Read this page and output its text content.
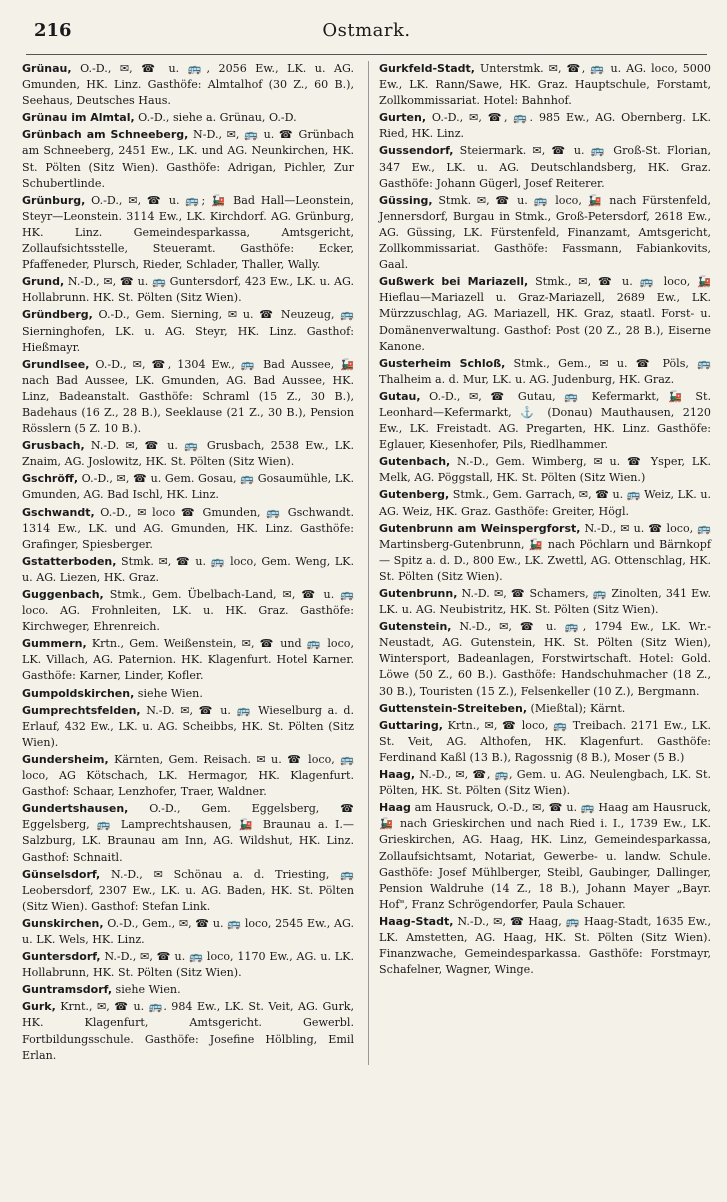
216	Ostmark.

Grünau, O.-D., ✉, ☎ u. 🚌, 2056 Ew., LK. u. AG. Gmunden, HK. Linz. Gasthöfe: Almtalhof (30 Z., 60 B.), Seehaus, Deutsches Haus.

Grünau im Almtal, O.-D., siehe a. Grünau, O.-D.

Grünbach am Schneeberg, N-D., ✉, 🚌 u. ☎ Grünbach am Schneeberg, 2451 Ew., LK. und AG. Neunkirchen, HK. St. Pölten (Sitz Wien). Gasthöfe: Adrigan, Pichler, Zur Schubertlinde.

Grünburg, O.-D., ✉, ☎ u. 🚌; 🚂 Bad Hall—Leonstein, Steyr—Leonstein. 3114 Ew., LK. Kirchdorf. AG. Grünburg, HK. Linz. Gemeindesparkassa, Amtsgericht, Zollaufsichtsstelle, Steueramt. Gasthöfe: Ecker, Pfaffeneder, Plursch, Rieder, Schlader, Thaller, Wally.

Grund, N.-D., ✉, ☎ u. 🚌 Guntersdorf, 423 Ew., LK. u. AG. Hollabrunn. HK. St. Pölten (Sitz Wien).

Gründberg, O.-D., Gem. Sierning, ✉ u. ☎ Neuzeug, 🚌 Sierninghofen, LK. u. AG. Steyr, HK. Linz. Gasthof: Hießmayr.

Grundlsee, O.-D., ✉, ☎, 1304 Ew., 🚌 Bad Aussee, 🚂 nach Bad Aussee, LK. Gmunden, AG. Bad Aussee, HK. Linz, Badeanstalt. Gasthöfe: Schraml (15 Z., 30 B.), Badehaus (16 Z., 28 B.), Seeklause (21 Z., 30 B.), Pension Rösslern (5 Z. 10 B.).

Grusbach, N.-D. ✉, ☎ u. 🚌 Grusbach, 2538 Ew., LK. Znaim, AG. Joslowitz, HK. St. Pölten (Sitz Wien).

Gschröff, O.-D., ✉, ☎ u. Gem. Gosau, 🚌 Gosaumühle, LK. Gmunden, AG. Bad Ischl, HK. Linz.

Gschwandt, O.-D., ✉ loco ☎ Gmunden, 🚌 Gschwandt. 1314 Ew., LK. und AG. Gmunden, HK. Linz. Gasthöfe: Grafinger, Spiesberger.

Gstatterboden, Stmk. ✉, ☎ u. 🚌 loco, Gem. Weng, LK. u. AG. Liezen, HK. Graz.

Guggenbach, Stmk., Gem. Übelbach-Land, ✉, ☎ u. 🚌 loco. AG. Frohnleiten, LK. u. HK. Graz. Gasthöfe: Kirchweger, Ehrenreich.

Gummern, Krtn., Gem. Weißenstein, ✉, ☎ und 🚌 loco, LK. Villach, AG. Paternion. HK. Klagenfurt. Hotel Karner. Gasthöfe: Karner, Linder, Kofler.

Gumpoldskirchen, siehe Wien.

Gumprechtsfelden, N.-D. ✉, ☎ u. 🚌 Wieselburg a. d. Erlauf, 432 Ew., LK. u. AG. Scheibbs, HK. St. Pölten (Sitz Wien).

Gundersheim, Kärnten, Gem. Reisach. ✉ u. ☎ loco, 🚌 loco, AG Kötschach, LK. Hermagor, HK. Klagenfurt. Gasthof: Schaar, Lenzhofer, Traer, Waldner.

Gundertshausen, O.-D., Gem. Eggelsberg, ☎ Eggelsberg, 🚌 Lamprechtshausen, 🚂 Braunau a. I.—Salzburg, LK. Braunau am Inn, AG. Wildshut, HK. Linz. Gasthof: Schnaitl.

Günselsdorf, N.-D., ✉ Schönau a. d. Triesting, 🚌 Leobersdorf, 2307 Ew., LK. u. AG. Baden, HK. St. Pölten (Sitz Wien). Gasthof: Stefan Link.

Gunskirchen, O.-D., Gem., ✉, ☎ u. 🚌 loco, 2545 Ew., AG. u. LK. Wels, HK. Linz.

Guntersdorf, N.-D., ✉, ☎ u. 🚌 loco, 1170 Ew., AG. u. LK. Hollabrunn, HK. St. Pölten (Sitz Wien).

Guntramsdorf, siehe Wien.

Gurk, Krnt., ✉, ☎ u. 🚌. 984 Ew., LK. St. Veit, AG. Gurk, HK. Klagenfurt, Amtsgericht. Gewerbl. Fortbildungsschule. Gasthöfe: Josefine Hölbling, Emil Erlan.

Gurkfeld-Stadt, Unterstmk. ✉, ☎, 🚌 u. AG. loco, 5000 Ew., LK. Rann/Sawe, HK. Graz. Hauptschule, Forstamt, Zollkommissariat. Hotel: Bahnhof.

Gurten, O.-D., ✉, ☎, 🚌. 985 Ew., AG. Obernberg. LK. Ried, HK. Linz.

Gussendorf, Steiermark. ✉, ☎ u. 🚌 Groß-St. Florian, 347 Ew., LK. u. AG. Deutschlandsberg, HK. Graz. Gasthöfe: Johann Gügerl, Josef Reiterer.

Güssing, Stmk. ✉, ☎ u. 🚌 loco, 🚂 nach Fürstenfeld, Jennersdorf, Burgau in Stmk., Groß-Petersdorf, 2618 Ew., AG. Güssing, LK. Fürstenfeld, Finanzamt, Amtsgericht, Zollkommissariat. Gasthöfe: Fassmann, Fabiankovits, Gaal.

Gußwerk bei Mariazell, Stmk., ✉, ☎ u. 🚌 loco, 🚂 Hieflau—Mariazell u. Graz-Mariazell, 2689 Ew., LK. Mürzzuschlag, AG. Mariazell, HK. Graz, staatl. Forst- u. Domänenverwaltung. Gasthof: Post (20 Z., 28 B.), Eiserne Kanone.

Gusterheim Schloß, Stmk., Gem., ✉ u. ☎ Pöls, 🚌 Thalheim a. d. Mur, LK. u. AG. Judenburg, HK. Graz.

Gutau, O.-D., ✉, ☎ Gutau, 🚌 Kefermarkt, 🚂 St. Leonhard—Kefermarkt, ⚓ (Donau) Mauthausen, 2120 Ew., LK. Freistadt. AG. Pregarten, HK. Linz. Gasthöfe: Eglauer, Kiesenhofer, Pils, Riedlhammer.

Gutenbach, N.-D., Gem. Wimberg, ✉ u. ☎ Ysper, LK. Melk, AG. Pöggstall, HK. St. Pölten (Sitz Wien.)

Gutenberg, Stmk., Gem. Garrach, ✉, ☎ u. 🚌 Weiz, LK. u. AG. Weiz, HK. Graz. Gasthöfe: Greiter, Högl.

Gutenbrunn am Weinspergforst, N.-D., ✉ u. ☎ loco, 🚌 Martinsberg-Gutenbrunn, 🚂 nach Pöchlarn und Bärnkopf — Spitz a. d. D., 800 Ew., LK. Zwettl, AG. Ottenschlag, HK. St. Pölten (Sitz Wien).

Gutenbrunn, N.-D. ✉, ☎ Schamers, 🚌 Zinolten, 341 Ew. LK. u. AG. Neubistritz, HK. St. Pölten (Sitz Wien).

Gutenstein, N.-D., ✉, ☎ u. 🚌, 1794 Ew., LK. Wr.-Neustadt, AG. Gutenstein, HK. St. Pölten (Sitz Wien), Wintersport, Badeanlagen, Forstwirtschaft. Hotel: Gold. Löwe (50 Z., 60 B.). Gasthöfe: Handschuhmacher (18 Z., 30 B.), Touristen (15 Z.), Felsenkeller (10 Z.), Bergmann.

Guttenstein-Streiteben, (Mießtal); Kärnt.

Guttaring, Krtn., ✉, ☎ loco, 🚌 Treibach. 2171 Ew., LK. St. Veit, AG. Althofen, HK. Klagenfurt. Gasthöfe: Ferdinand Kaßl (13 B.), Ragossnig (8 B.), Moser (5 B.)

Haag, N.-D., ✉, ☎, 🚌, Gem. u. AG. Neulengbach, LK. St. Pölten, HK. St. Pölten (Sitz Wien).

Haag am Hausruck, O.-D., ✉, ☎ u. 🚌 Haag am Hausruck, 🚂 nach Grieskirchen und nach Ried i. I., 1739 Ew., LK. Grieskirchen, AG. Haag, HK. Linz, Gemeindesparkassa, Zollaufsichtsamt, Notariat, Gewerbe- u. landw. Schule. Gasthöfe: Josef Mühlberger, Steibl, Gaubinger, Dallinger, Pension Waldruhe (14 Z., 18 B.), Johann Mayer „Bayr. Hof", Franz Schrögendorfer, Paula Schauer.

Haag-Stadt, N.-D., ✉, ☎ Haag, 🚌 Haag-Stadt, 1635 Ew., LK. Amstetten, AG. Haag, HK. St. Pölten (Sitz Wien). Finanzwache, Gemeindesparkassa. Gasthöfe: Forstmayr, Schafelner, Wagner, Winge.
